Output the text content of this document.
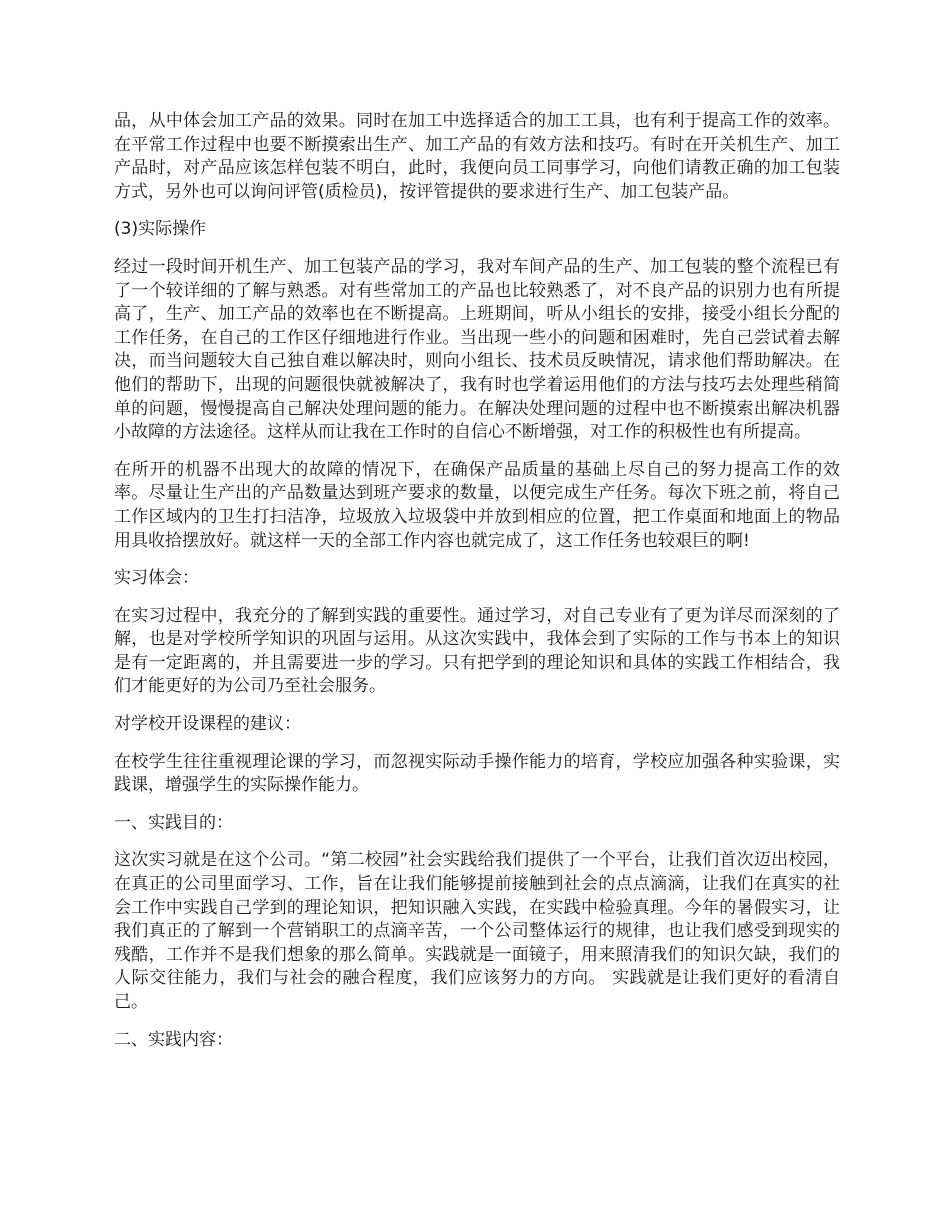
品，从中体会加工产品的效果。同时在加工中选择适合的加工工具，也有利于提高工作的效率。在平常工作过程中也要不断摸索出生产、加工产品的有效方法和技巧。有时在开关机生产、加工产品时，对产品应该怎样包装不明白，此时，我便向员工同事学习，向他们请教正确的加工包装方式，另外也可以询问评管(质检员)，按评管提供的要求进行生产、加工包装产品。

(3)实际操作

经过一段时间开机生产、加工包装产品的学习，我对车间产品的生产、加工包装的整个流程已有了一个较详细的了解与熟悉。对有些常加工的产品也比较熟悉了，对不良产品的识别力也有所提高了，生产、加工产品的效率也在不断提高。上班期间，听从小组长的安排，接受小组长分配的工作任务，在自己的工作区仔细地进行作业。当出现一些小的问题和困难时，先自己尝试着去解决，而当问题较大自己独自难以解决时，则向小组长、技术员反映情况，请求他们帮助解决。在他们的帮助下，出现的问题很快就被解决了，我有时也学着运用他们的方法与技巧去处理些稍简单的问题，慢慢提高自己解决处理问题的能力。在解决处理问题的过程中也不断摸索出解决机器小故障的方法途径。这样从而让我在工作时的自信心不断增强，对工作的积极性也有所提高。

在所开的机器不出现大的故障的情况下，在确保产品质量的基础上尽自己的努力提高工作的效率。尽量让生产出的产品数量达到班产要求的数量，以便完成生产任务。每次下班之前，将自己工作区域内的卫生打扫洁净，垃圾放入垃圾袋中并放到相应的位置，把工作桌面和地面上的物品用具收拾摆放好。就这样一天的全部工作内容也就完成了，这工作任务也较艰巨的啊!

实习体会：

在实习过程中，我充分的了解到实践的重要性。通过学习，对自己专业有了更为详尽而深刻的了解，也是对学校所学知识的巩固与运用。从这次实践中，我体会到了实际的工作与书本上的知识是有一定距离的，并且需要进一步的学习。只有把学到的理论知识和具体的实践工作相结合，我们才能更好的为公司乃至社会服务。

对学校开设课程的建议：

在校学生往往重视理论课的学习，而忽视实际动手操作能力的培育，学校应加强各种实验课，实践课，增强学生的实际操作能力。

一、实践目的：

这次实习就是在这个公司。“第二校园”社会实践给我们提供了一个平台，让我们首次迈出校园，在真正的公司里面学习、工作，旨在让我们能够提前接触到社会的点点滴滴，让我们在真实的社会工作中实践自己学到的理论知识，把知识融入实践，在实践中检验真理。今年的暑假实习，让我们真正的了解到一个营销职工的点滴辛苦，一个公司整体运行的规律，也让我们感受到现实的残酷，工作并不是我们想象的那么简单。实践就是一面镜子，用来照清我们的知识欠缺，我们的人际交往能力，我们与社会的融合程度，我们应该努力的方向。 实践就是让我们更好的看清自己。

二、实践内容：
